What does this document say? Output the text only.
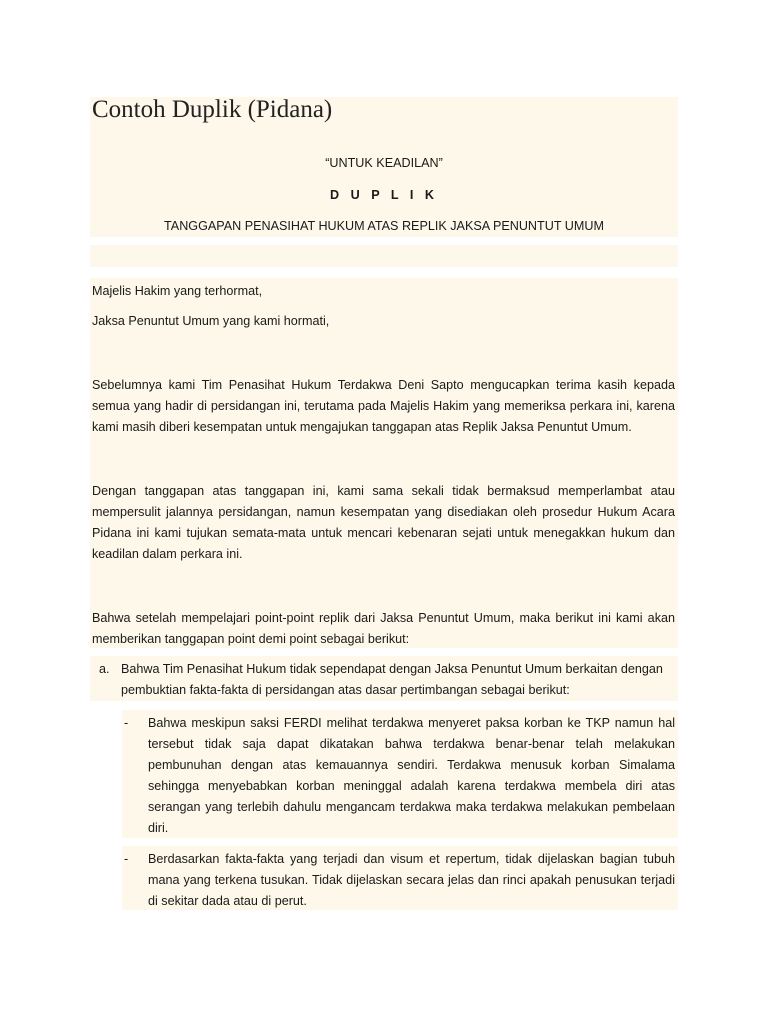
Contoh Duplik (Pidana)
“UNTUK KEADILAN”
D U P L I K
TANGGAPAN PENASIHAT HUKUM ATAS REPLIK JAKSA PENUNTUT UMUM
Majelis Hakim yang terhormat,
Jaksa Penuntut Umum yang kami hormati,
Sebelumnya kami Tim Penasihat Hukum Terdakwa Deni Sapto mengucapkan terima kasih kepada semua yang hadir di persidangan ini, terutama pada Majelis Hakim yang memeriksa perkara ini, karena kami masih diberi kesempatan untuk mengajukan tanggapan atas Replik Jaksa Penuntut Umum.
Dengan tanggapan atas tanggapan ini, kami sama sekali tidak bermaksud memperlambat atau mempersulit jalannya persidangan, namun kesempatan yang disediakan oleh prosedur Hukum Acara Pidana ini kami tujukan semata-mata untuk mencari kebenaran sejati untuk menegakkan hukum dan keadilan dalam perkara ini.
Bahwa setelah mempelajari point-point replik dari Jaksa Penuntut Umum, maka berikut ini kami akan memberikan tanggapan point demi point sebagai berikut:
a. Bahwa Tim Penasihat Hukum tidak sependapat dengan Jaksa Penuntut Umum berkaitan dengan pembuktian fakta-fakta di persidangan atas dasar pertimbangan sebagai berikut:
- Bahwa meskipun saksi FERDI melihat terdakwa menyeret paksa korban ke TKP namun hal tersebut tidak saja dapat dikatakan bahwa terdakwa benar-benar telah melakukan pembunuhan dengan atas kemauannya sendiri. Terdakwa menusuk korban Simalama sehingga menyebabkan korban meninggal adalah karena terdakwa membela diri atas serangan yang terlebih dahulu mengancam terdakwa maka terdakwa melakukan pembelaan diri.
- Berdasarkan fakta-fakta yang terjadi dan visum et repertum, tidak dijelaskan bagian tubuh mana yang terkena tusukan. Tidak dijelaskan secara jelas dan rinci apakah penusukan terjadi di sekitar dada atau di perut.
